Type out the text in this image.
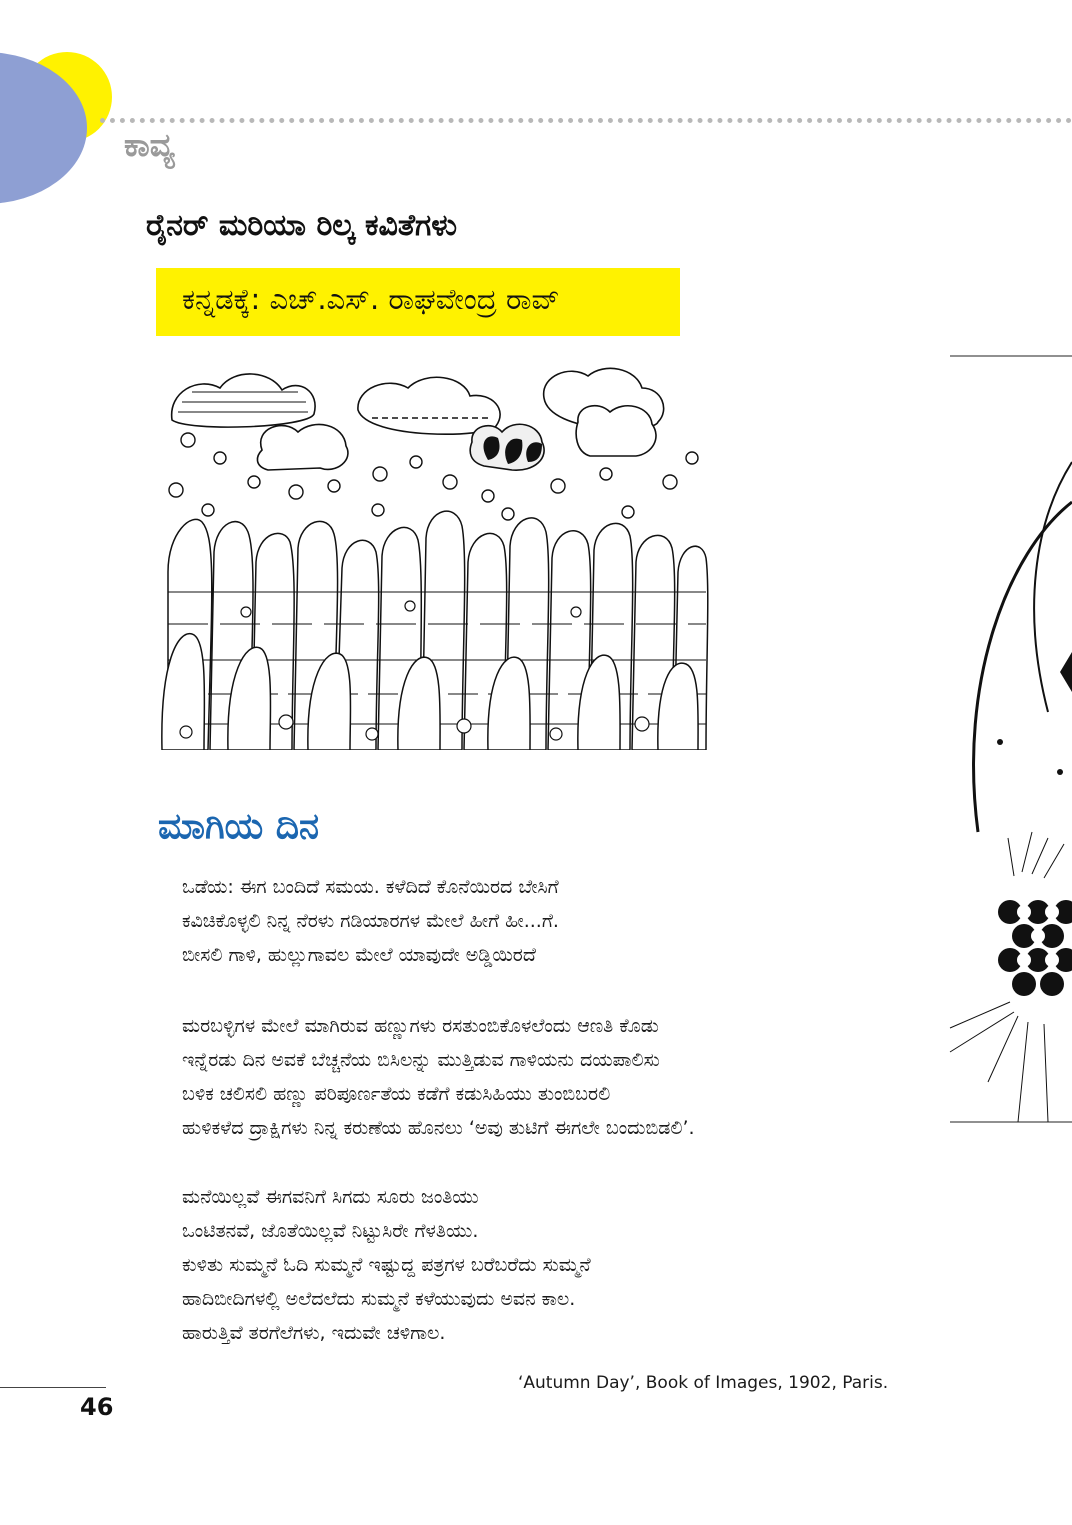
ಕಾವ್ಯ
ರೈನರ್ ಮರಿಯಾ ರಿಲ್ಕ ಕವಿತೆಗಳು
ಕನ್ನಡಕ್ಕೆ: ಎಚ್.ಎಸ್. ರಾಘವೇಂದ್ರ ರಾವ್
ಮಾಗಿಯ ದಿನ
ಒಡೆಯ: ಈಗ ಬಂದಿದೆ ಸಮಯ. ಕಳೆದಿದೆ ಕೊನೆಯಿರದ ಬೇಸಿಗೆ
ಕವಿಚಿಕೊಳ್ಳಲಿ ನಿನ್ನ ನೆರಳು ಗಡಿಯಾರಗಳ ಮೇಲೆ ಹೀಗೆ ಹೀ...ಗೆ.
ಬೀಸಲಿ ಗಾಳಿ, ಹುಲ್ಲುಗಾವಲ ಮೇಲೆ ಯಾವುದೇ ಅಡ್ಡಿಯಿರದೆ
ಮರಬಳ್ಳಿಗಳ ಮೇಲೆ ಮಾಗಿರುವ ಹಣ್ಣುಗಳು ರಸತುಂಬಿಕೊಳಲೆಂದು ಆಣತಿ ಕೊಡು
ಇನ್ನೆರಡು ದಿನ ಅವಕೆ ಬೆಚ್ಚನೆಯ ಬಿಸಿಲನ್ನು ಮುತ್ತಿಡುವ ಗಾಳಿಯನು ದಯಪಾಲಿಸು
ಬಳಿಕ ಚಲಿಸಲಿ ಹಣ್ಣು ಪರಿಪೂರ್ಣತೆಯ ಕಡೆಗೆ ಕಡುಸಿಹಿಯು ತುಂಬಿಬರಲಿ
ಹುಳಿಕಳೆದ ದ್ರಾಕ್ಷಿಗಳು ನಿನ್ನ ಕರುಣೆಯ ಹೊನಲು ‘ಅವು ತುಟಿಗೆ ಈಗಲೇ ಬಂದುಬಿಡಲಿ’.
ಮನೆಯಿಲ್ಲವೆ ಈಗವನಿಗೆ ಸಿಗದು ಸೂರು ಜಂತಿಯು
ಒಂಟಿತನವೆ, ಜೊತೆಯಿಲ್ಲವೆ ನಿಟ್ಟುಸಿರೇ ಗೆಳತಿಯು.
ಕುಳಿತು ಸುಮ್ಮನೆ ಓದಿ ಸುಮ್ಮನೆ ಇಷ್ಟುದ್ದ ಪತ್ರಗಳ ಬರೆಬರೆದು ಸುಮ್ಮನೆ
ಹಾದಿಬೀದಿಗಳಲ್ಲಿ ಅಲೆದಲೆದು ಸುಮ್ಮನೆ ಕಳೆಯುವುದು ಅವನ ಕಾಲ.
ಹಾರುತ್ತಿವೆ ತರಗೆಲೆಗಳು, ಇದುವೇ ಚಳಿಗಾಲ.
‘Autumn Day’, Book of Images, 1902, Paris.
46
